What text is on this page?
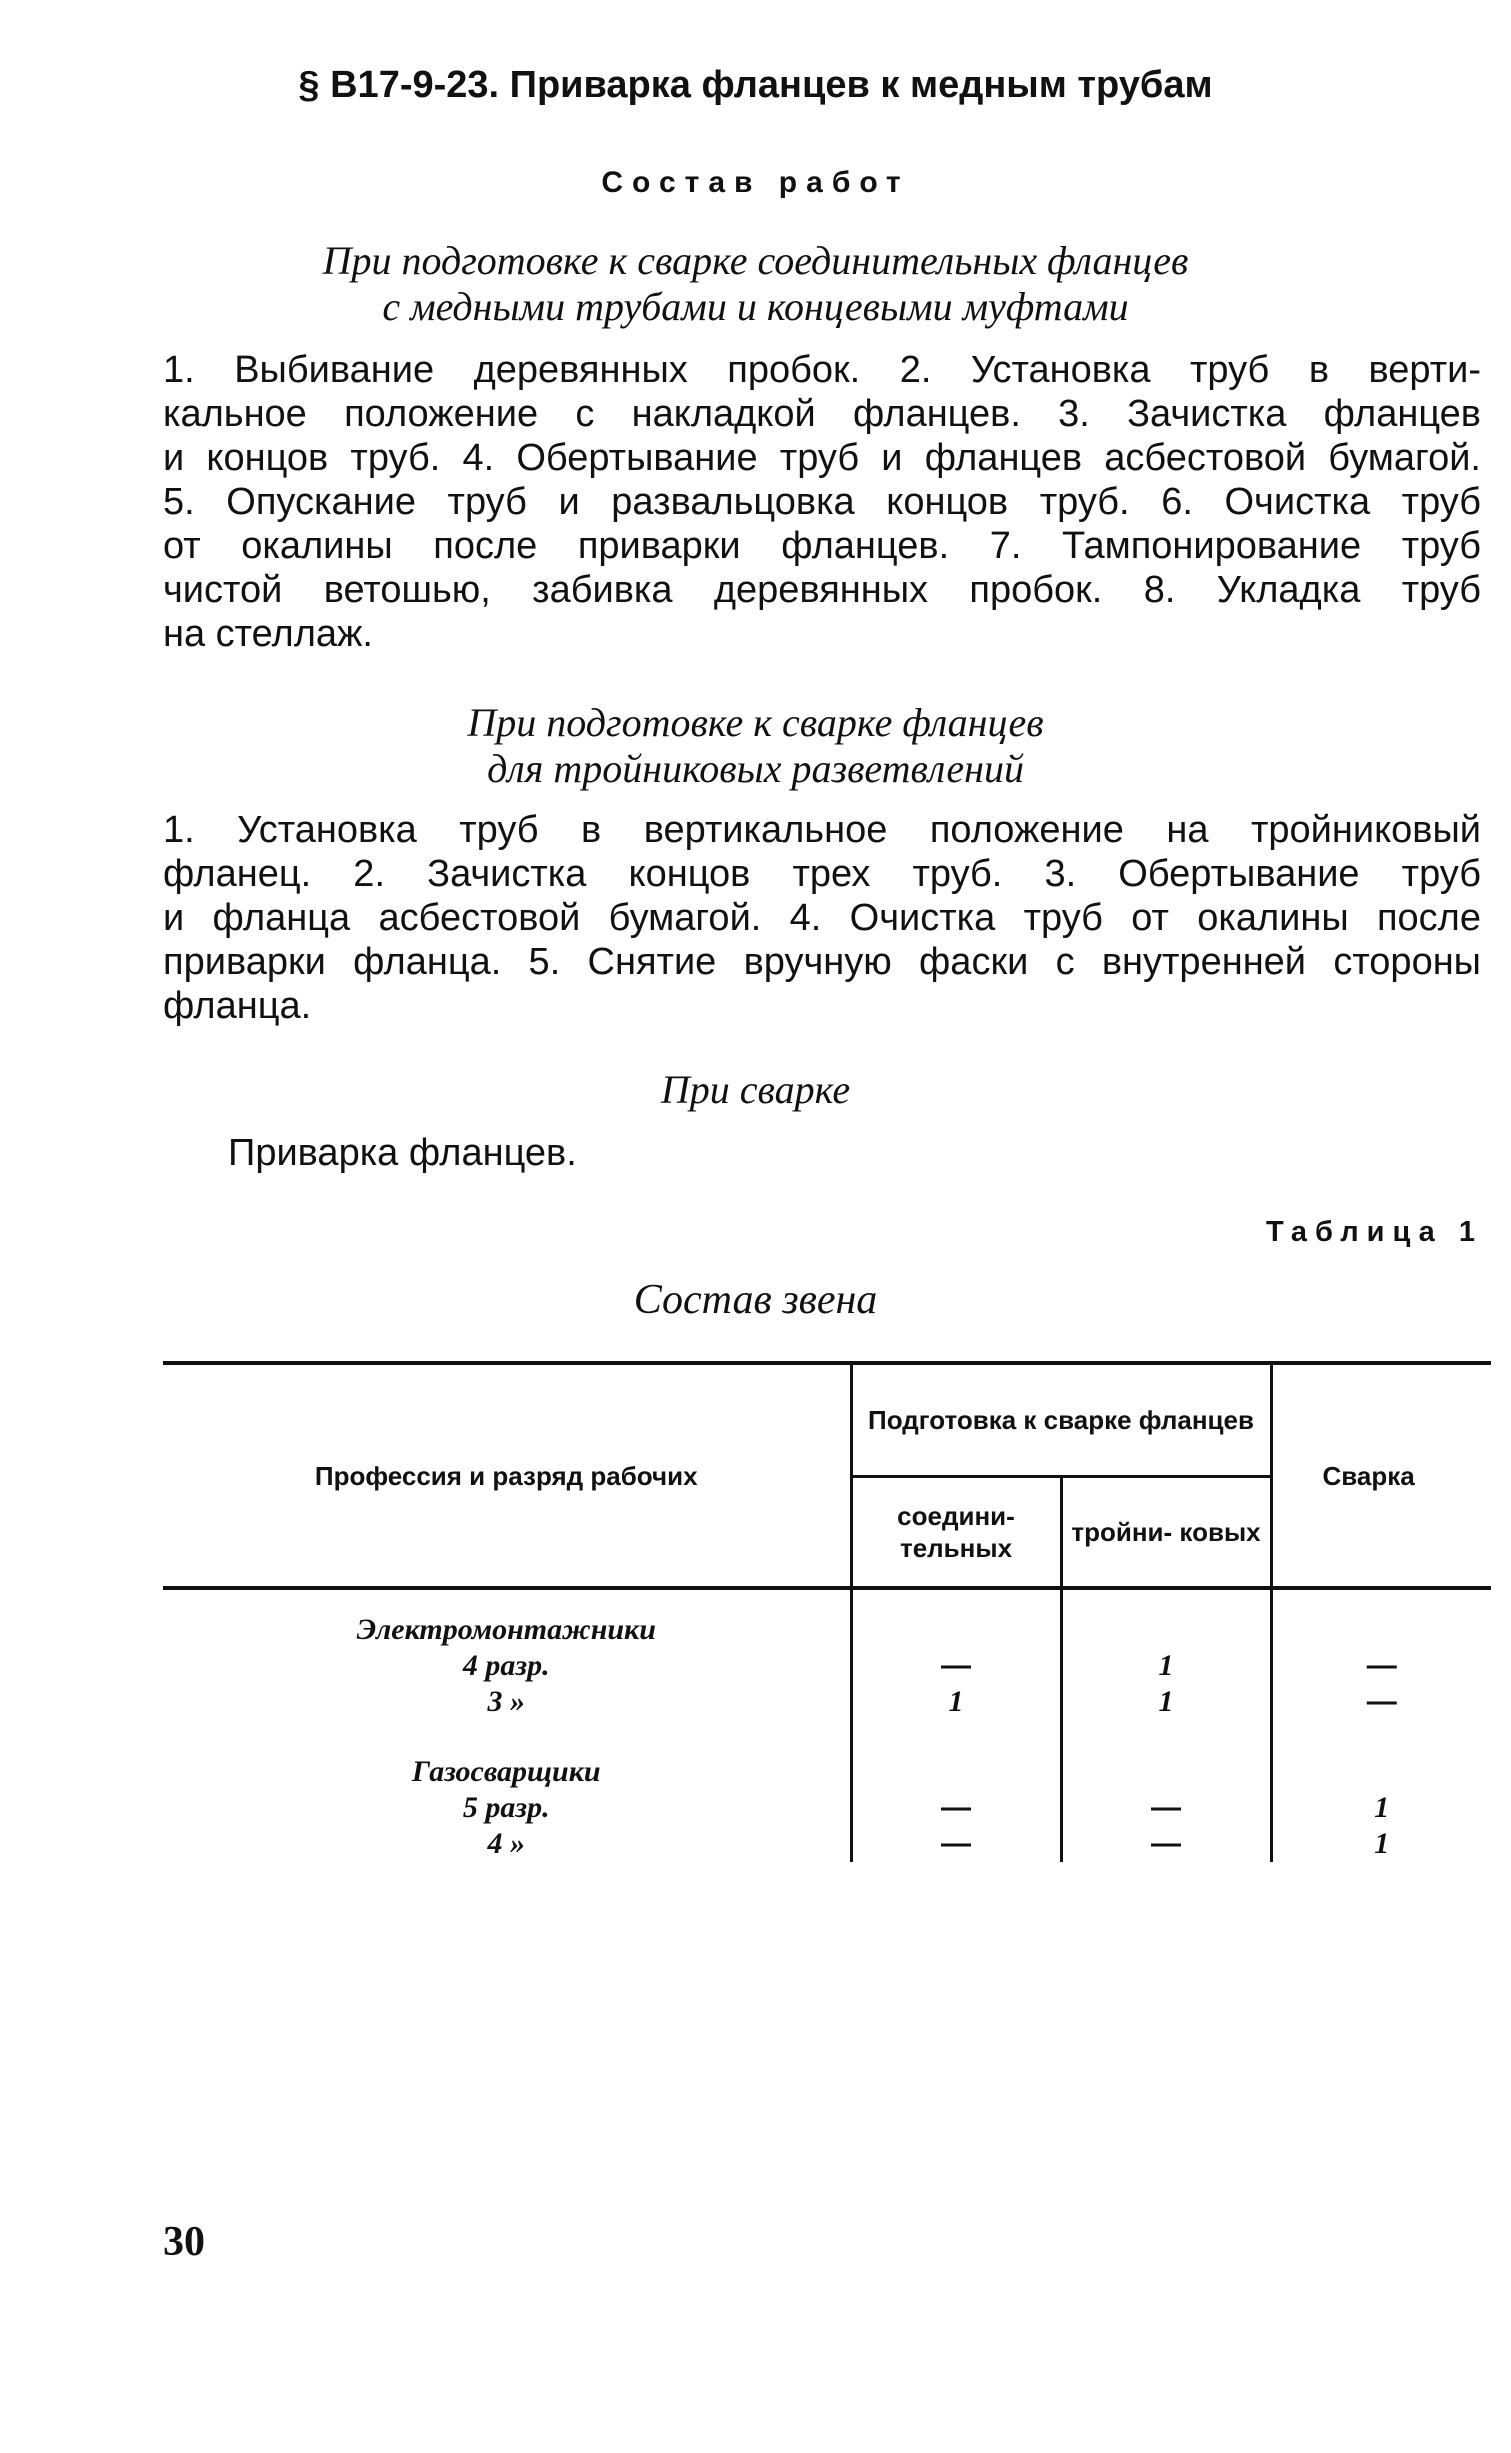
§ В17-9-23. Приварка фланцев к медным трубам
Состав работ
При подготовке к сварке соединительных фланцев
с медными трубами и концевыми муфтами
1. Выбивание деревянных пробок. 2. Установка труб в верти-
кальное положение с накладкой фланцев. 3. Зачистка фланцев
и концов труб. 4. Обертывание труб и фланцев асбестовой бумагой.
5. Опускание труб и развальцовка концов труб. 6. Очистка труб
от окалины после приварки фланцев. 7. Тампонирование труб
чистой ветошью, забивка деревянных пробок. 8. Укладка труб
на стеллаж.
При подготовке к сварке фланцев
для тройниковых разветвлений
1. Установка труб в вертикальное положение на тройниковый
фланец. 2. Зачистка концов трех труб. 3. Обертывание труб
и фланца асбестовой бумагой. 4. Очистка труб от окалины после
приварки фланца. 5. Снятие вручную фаски с внутренней стороны
фланца.
При сварке
Приварка фланцев.
Таблица 1
Состав звена
Профессия и разряд рабочих	Подготовка к сварке фланцев		Сварка
	соедини- тельных	тройни- ковых	

Электромонтажники			
4 разр.	—	1	—
3 »	1	1	—

Газосварщики			
5 разр.	—	—	1
4 »	—	—	1
30
